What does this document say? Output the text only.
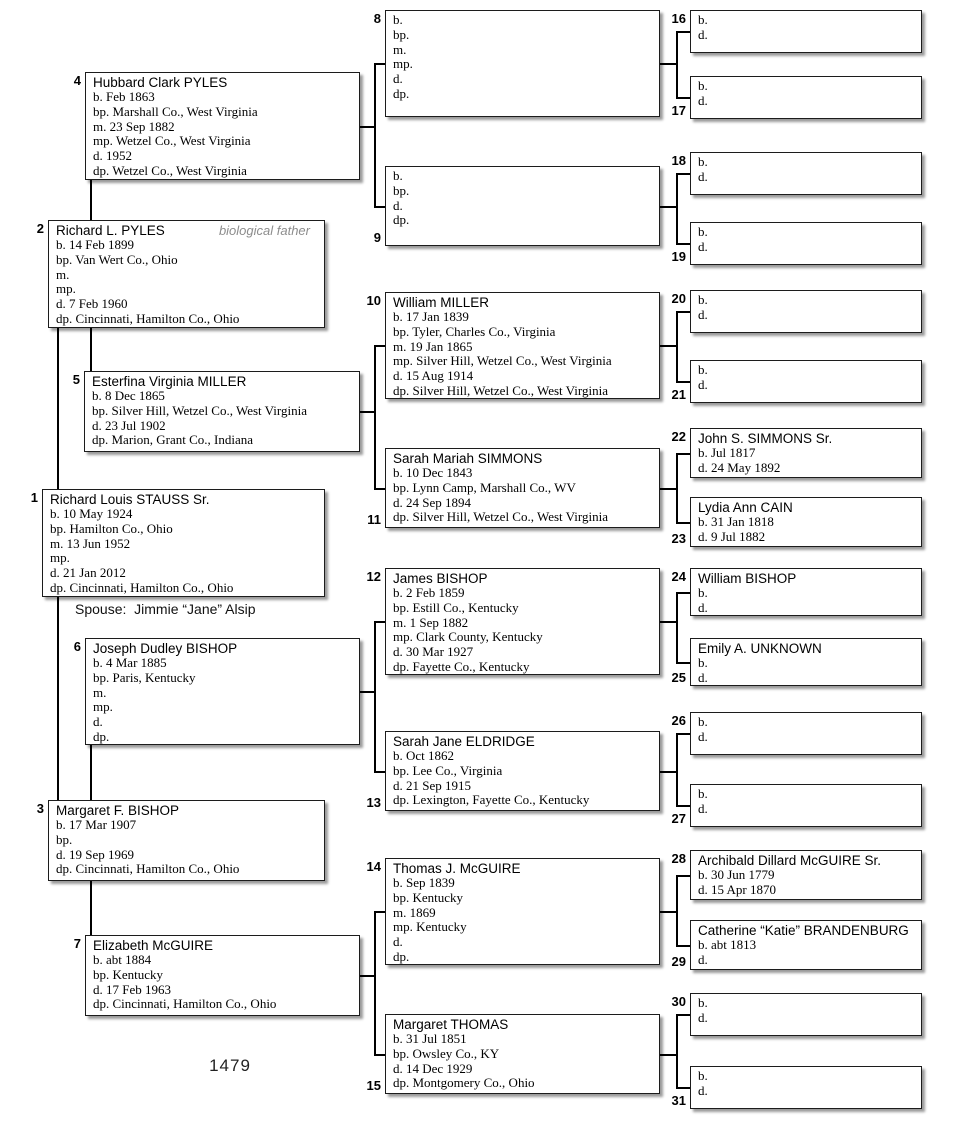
Spouse:  Jimmie “Jane” Alsip
1479
Richard Louis STAUSS Sr.
b. 10 May 1924
bp. Hamilton Co., Ohio
m. 13 Jun 1952
mp.
d. 21 Jan 2012
dp. Cincinnati, Hamilton Co., Ohio
1
Richard L. PYLES	biological father
b. 14 Feb 1899
bp. Van Wert Co., Ohio
m.
mp.
d. 7 Feb 1960
dp. Cincinnati, Hamilton Co., Ohio
2
Margaret F. BISHOP
b. 17 Mar 1907
bp.
d. 19 Sep 1969
dp. Cincinnati, Hamilton Co., Ohio
3
Hubbard Clark PYLES
b. Feb 1863
bp. Marshall Co., West Virginia
m. 23 Sep 1882
mp. Wetzel Co., West Virginia
d. 1952
dp. Wetzel Co., West Virginia
4
Esterfina Virginia MILLER
b. 8 Dec 1865
bp. Silver Hill, Wetzel Co., West Virginia
d. 23 Jul 1902
dp. Marion, Grant Co., Indiana
5
Joseph Dudley BISHOP
b. 4 Mar 1885
bp. Paris, Kentucky
m.
mp.
d.
dp.
6
Elizabeth McGUIRE
b. abt 1884
bp. Kentucky
d. 17 Feb 1963
dp. Cincinnati, Hamilton Co., Ohio
7
b.
bp.
m.
mp.
d.
dp.
8
b.
bp.
d.
dp.
9
William MILLER
b. 17 Jan 1839
bp. Tyler, Charles Co., Virginia
m. 19 Jan 1865
mp. Silver Hill, Wetzel Co., West Virginia
d. 15 Aug 1914
dp. Silver Hill, Wetzel Co., West Virginia
10
Sarah Mariah SIMMONS
b. 10 Dec 1843
bp. Lynn Camp, Marshall Co., WV
d. 24 Sep 1894
dp. Silver Hill, Wetzel Co., West Virginia
11
James BISHOP
b. 2 Feb 1859
bp. Estill Co., Kentucky
m. 1 Sep 1882
mp. Clark County, Kentucky
d. 30 Mar 1927
dp. Fayette Co., Kentucky
12
Sarah Jane ELDRIDGE
b. Oct 1862
bp. Lee Co., Virginia
d. 21 Sep 1915
dp. Lexington, Fayette Co., Kentucky
13
Thomas J. McGUIRE
b. Sep 1839
bp. Kentucky
m. 1869
mp. Kentucky
d.
dp.
14
Margaret THOMAS
b. 31 Jul 1851
bp. Owsley Co., KY
d. 14 Dec 1929
dp. Montgomery Co., Ohio
15
b.
d.
16
b.
d.
17
b.
d.
18
b.
d.
19
b.
d.
20
b.
d.
21
John S. SIMMONS Sr.
b. Jul 1817
d. 24 May 1892
22
Lydia Ann CAIN
b. 31 Jan 1818
d. 9 Jul 1882
23
William BISHOP
b.
d.
24
Emily A. UNKNOWN
b.
d.
25
b.
d.
26
b.
d.
27
Archibald Dillard McGUIRE Sr.
b. 30 Jun 1779
d. 15 Apr 1870
28
Catherine “Katie” BRANDENBURG
b. abt 1813
d.
29
b.
d.
30
b.
d.
31
